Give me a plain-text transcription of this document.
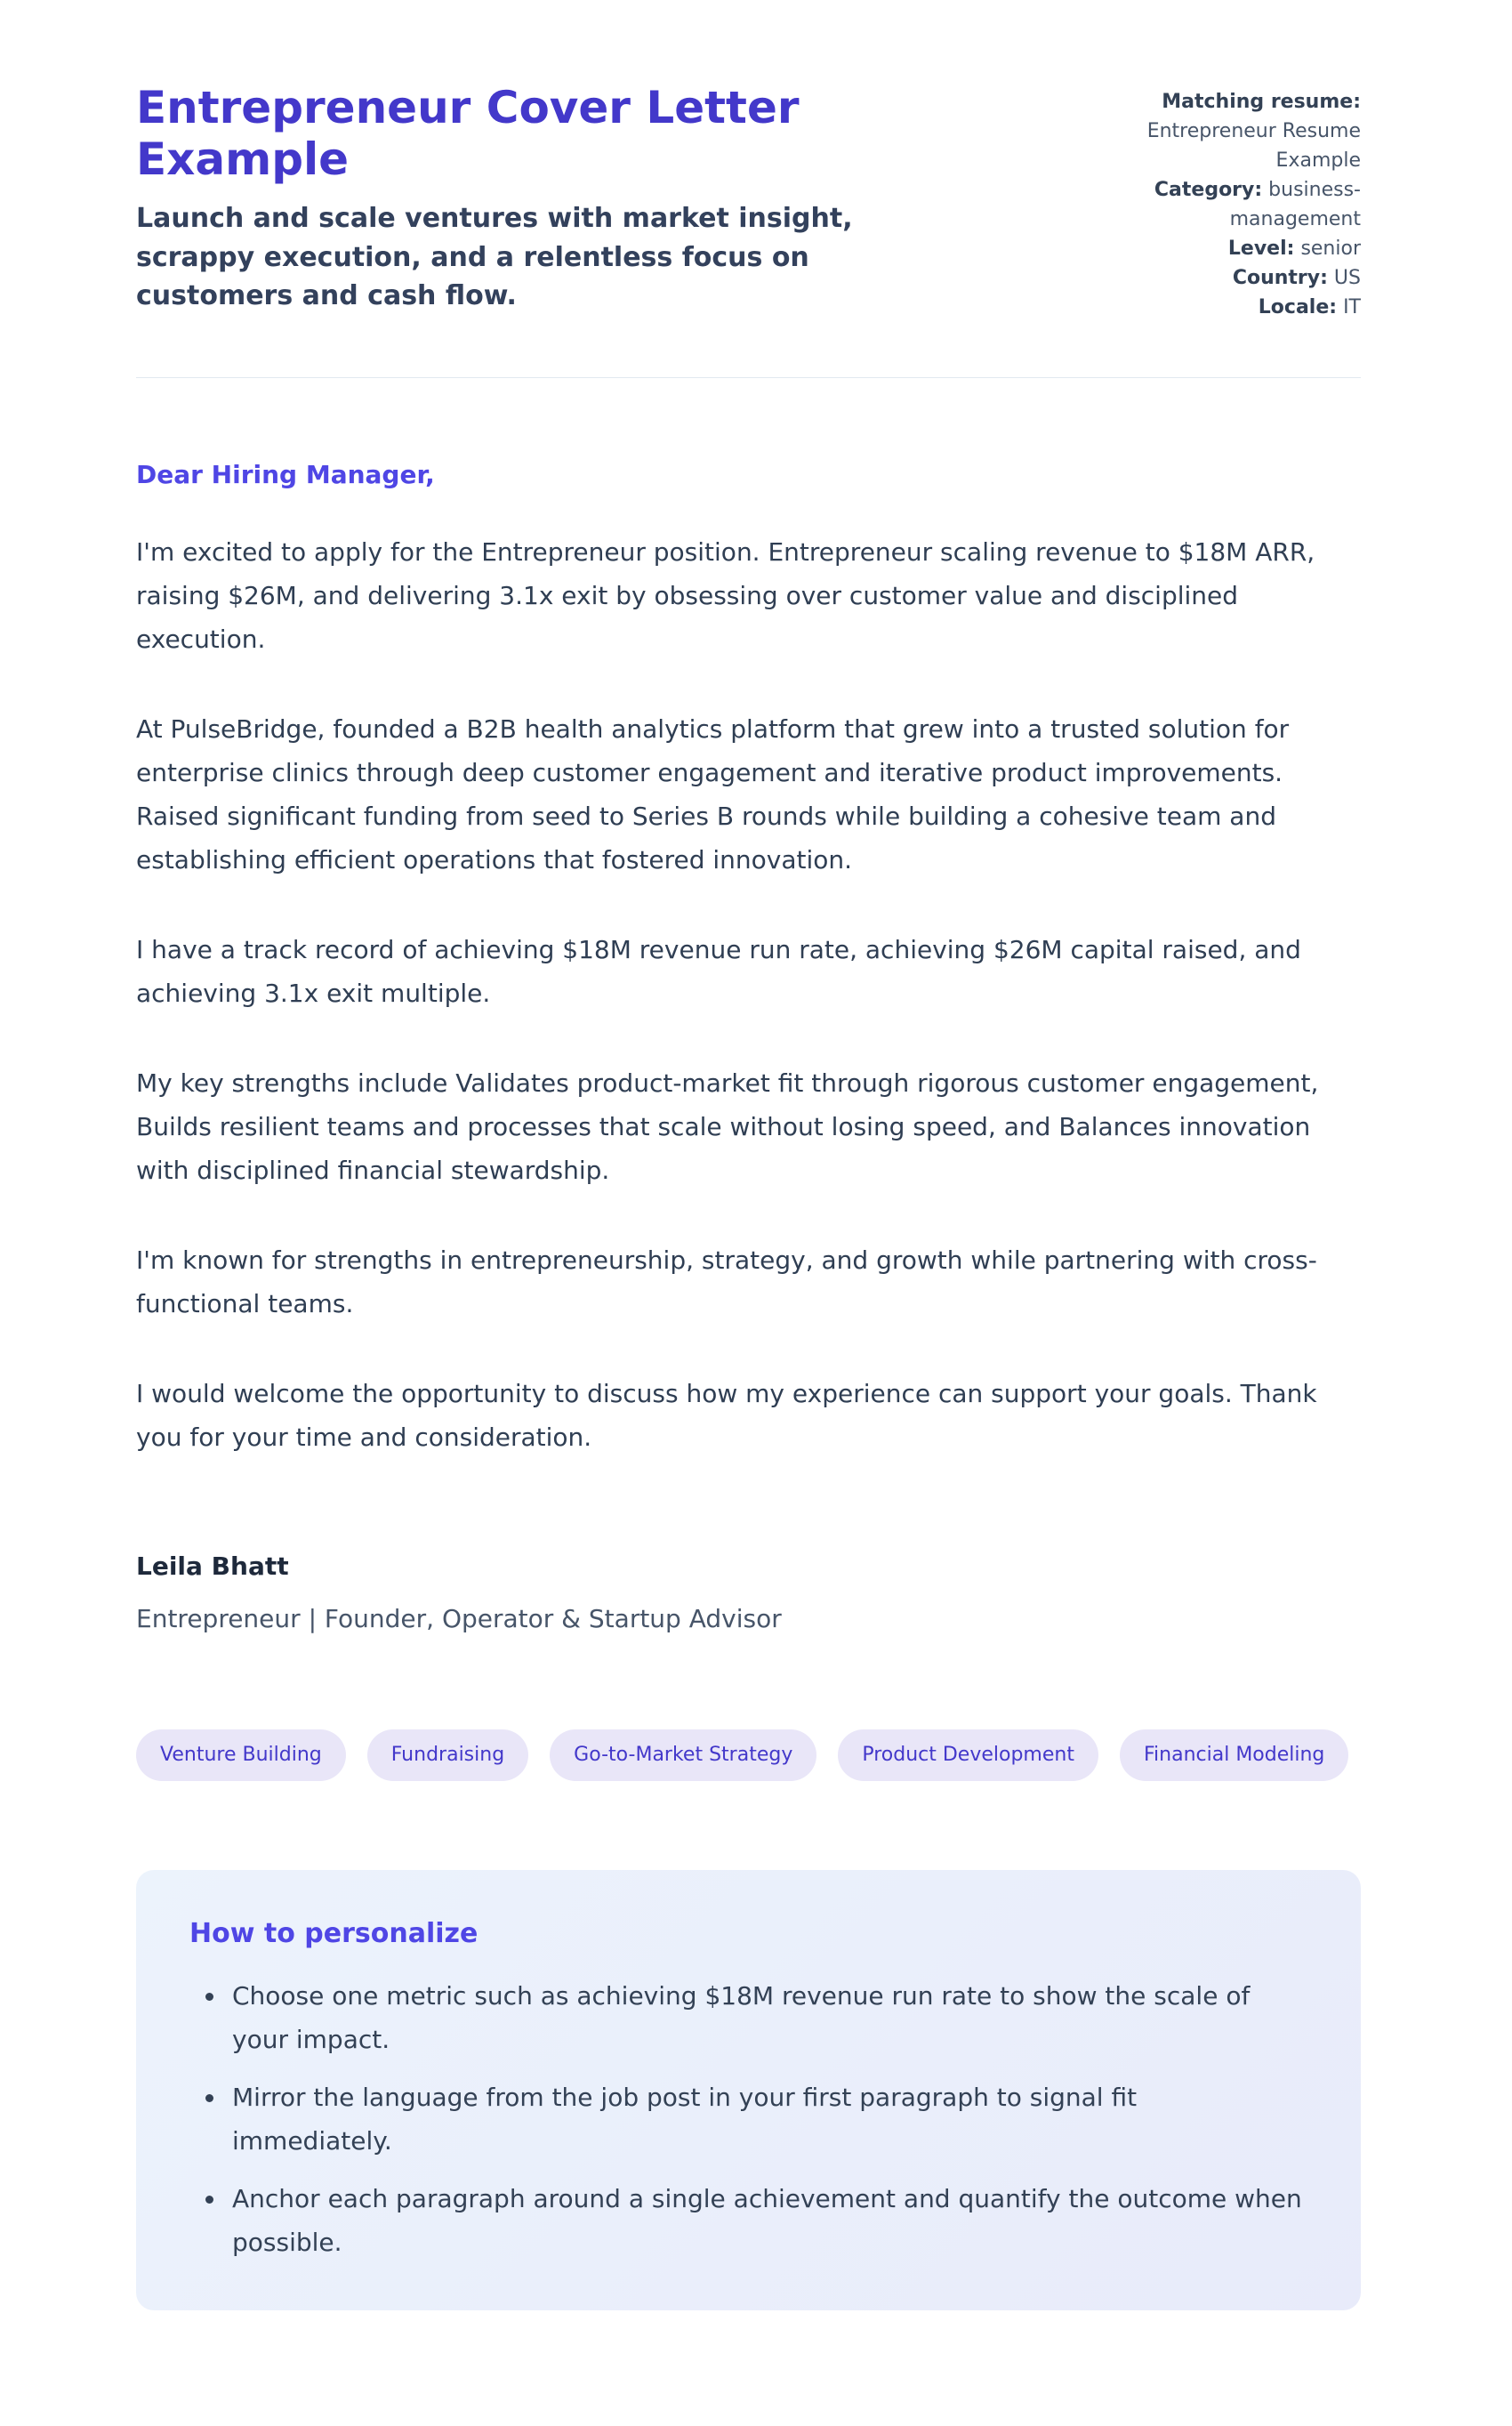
Entrepreneur Cover Letter Example

Launch and scale ventures with market insight, scrappy execution, and a relentless focus on customers and cash flow.

Matching resume: Entrepreneur Resume Example

Category: business-management

Level: senior

Country: US

Locale: IT

Dear Hiring Manager,

I'm excited to apply for the Entrepreneur position. Entrepreneur scaling revenue to $18M ARR, raising $26M, and delivering 3.1x exit by obsessing over customer value and disciplined execution.

At PulseBridge, founded a B2B health analytics platform that grew into a trusted solution for enterprise clinics through deep customer engagement and iterative product improvements. Raised significant funding from seed to Series B rounds while building a cohesive team and establishing efficient operations that fostered innovation.

I have a track record of achieving $18M revenue run rate, achieving $26M capital raised, and achieving 3.1x exit multiple.

My key strengths include Validates product-market fit through rigorous customer engagement, Builds resilient teams and processes that scale without losing speed, and Balances innovation with disciplined financial stewardship.

I'm known for strengths in entrepreneurship, strategy, and growth while partnering with cross-functional teams.

I would welcome the opportunity to discuss how my experience can support your goals. Thank you for your time and consideration.

Leila Bhatt

Entrepreneur | Founder, Operator & Startup Advisor

Venture Building	Fundraising	Go-to-Market Strategy	Product Development	Financial Modeling
How to personalize
• Choose one metric such as achieving $18M revenue run rate to show the scale of your impact.
• Mirror the language from the job post in your first paragraph to signal fit immediately.
• Anchor each paragraph around a single achievement and quantify the outcome when possible.
